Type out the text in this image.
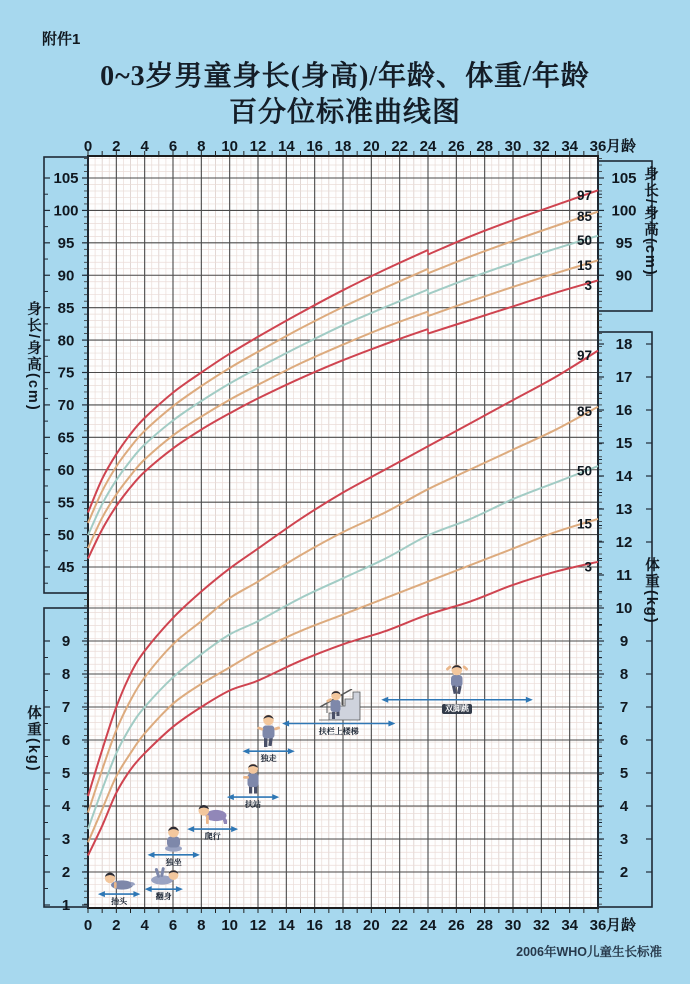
105
100
95
90
85
80
75
70
65
60
55
50
45
9
8
7
6
5
4
3
2
1
105
100
95
90
18
17
16
15
14
13
12
11
10
9
8
7
6
5
4
3
2
0
0
2
2
4
4
6
6
8
8
10
10
12
12
14
14
16
16
18
18
20
20
22
22
24
24
26
26
28
28
30
30
32
32
34
34
36
36
月龄
月龄
97
85
50
15
3
97
85
50
15
3
附件1
0~3岁男童身长(身高)/年龄、体重/年龄
百分位标准曲线图
身长/身高(cm)
体重(kg)
身长/身高(cm)
体重(kg)
2006年WHO儿童生长标准
抬头
翻身
独坐
爬行
扶站
独走
扶栏上楼梯
双脚跳
